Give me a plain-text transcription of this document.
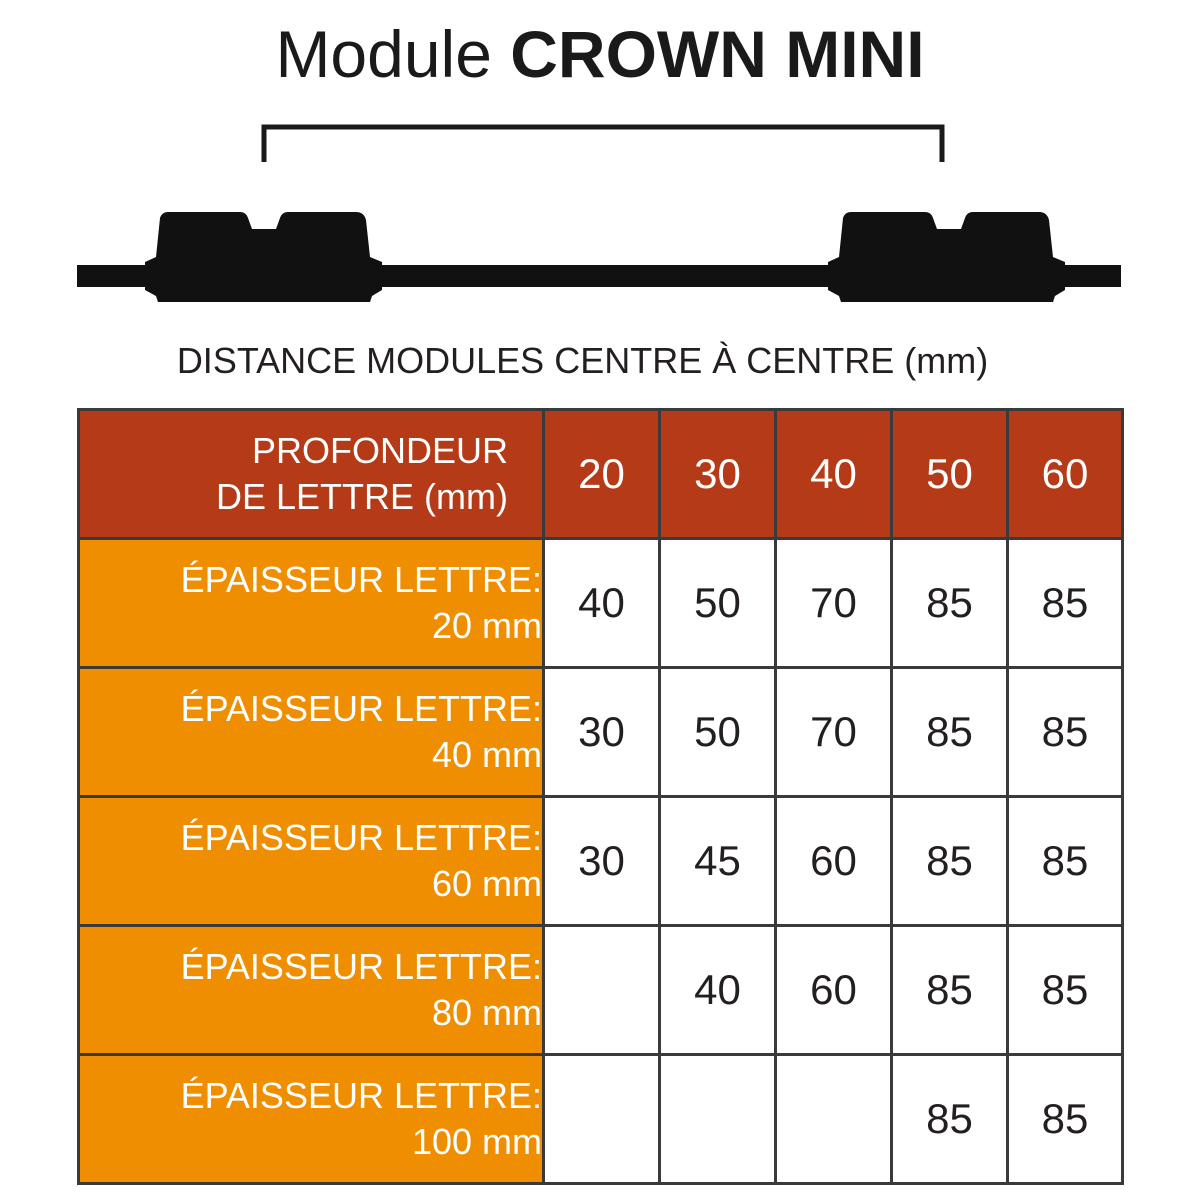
Module CROWN MINI
DISTANCE MODULES CENTRE À CENTRE (mm)
PROFONDEUR
DE LETTRE (mm)	20	30	40	50	60

ÉPAISSEUR LETTRE:
20 mm	40	50	70	85	85

ÉPAISSEUR LETTRE:
40 mm	30	50	70	85	85

ÉPAISSEUR LETTRE:
60 mm	30	45	60	85	85

ÉPAISSEUR LETTRE:
80 mm		40	60	85	85

ÉPAISSEUR LETTRE:
100 mm				85	85
